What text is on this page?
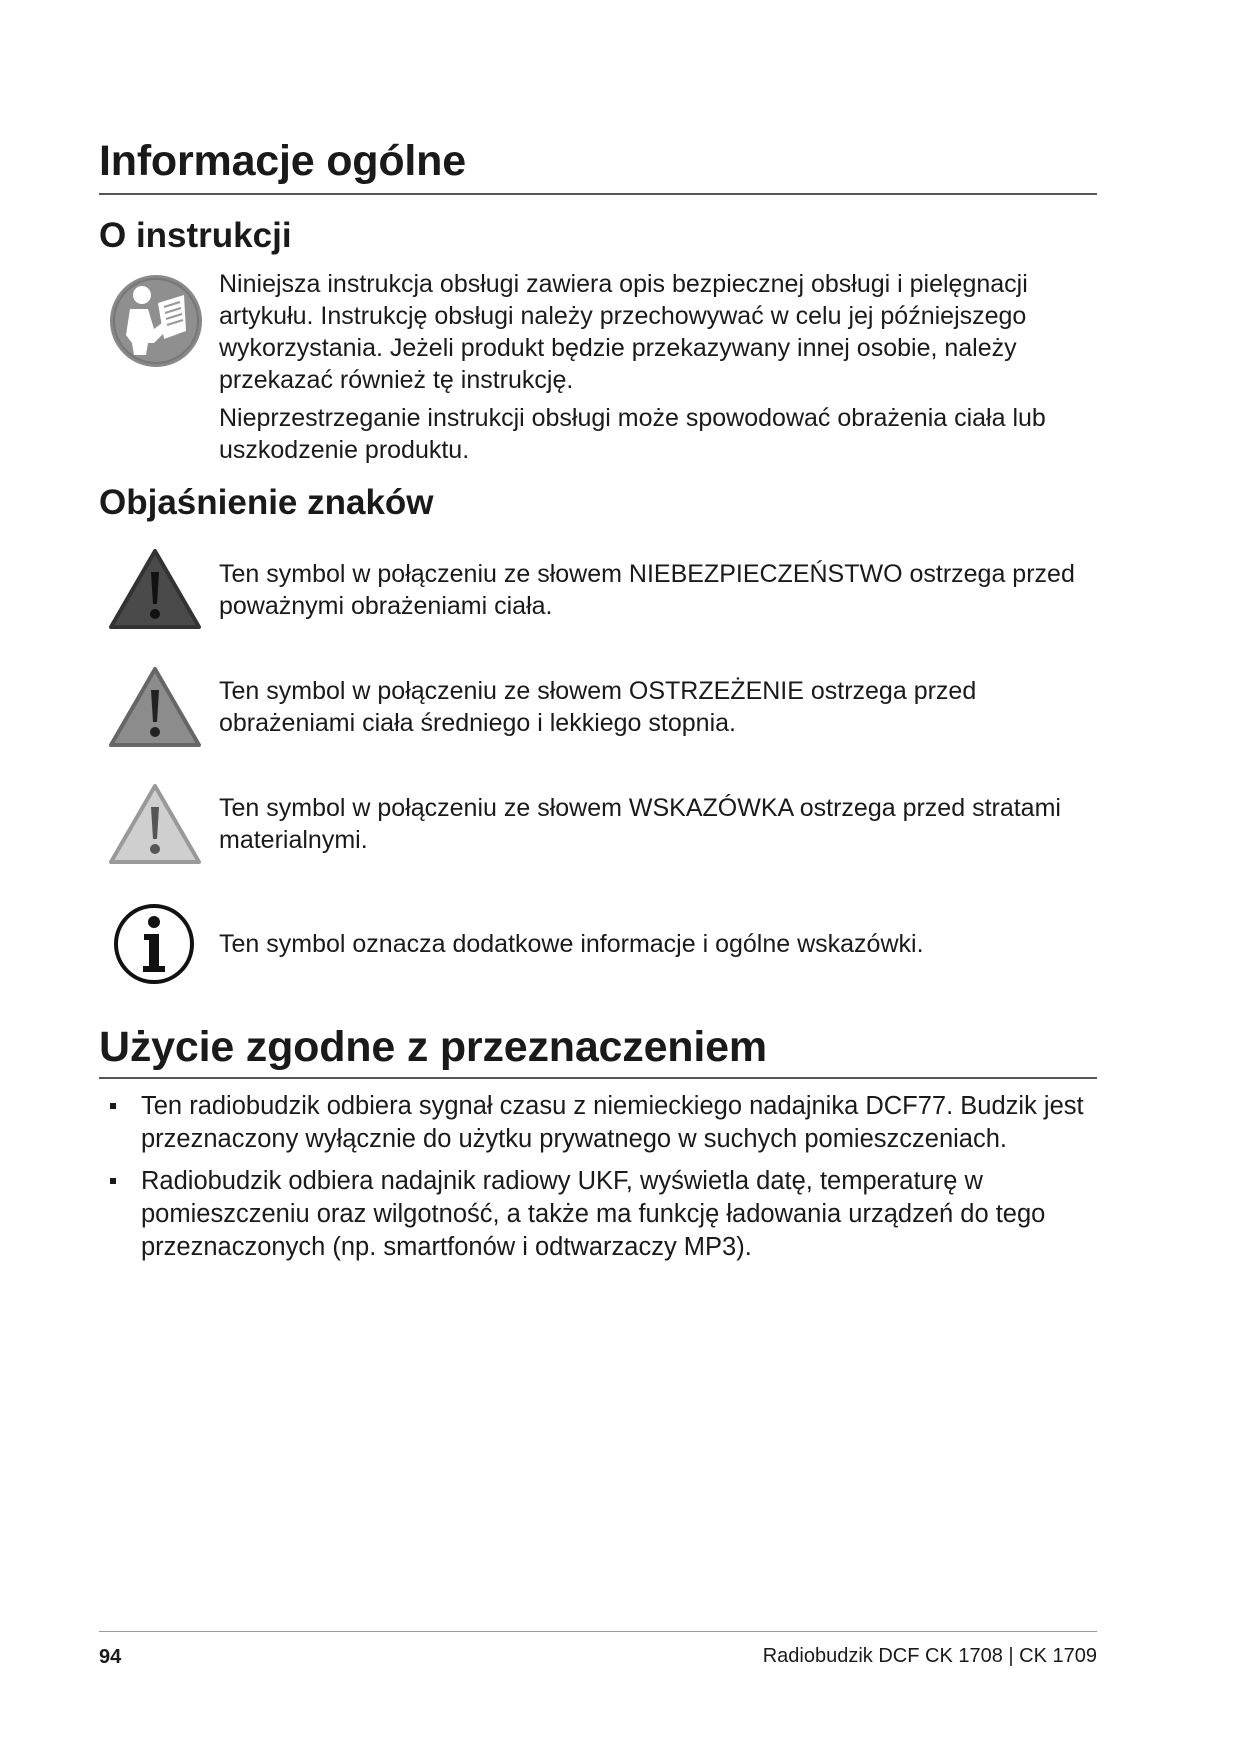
Informacje ogólne
O instrukcji

Niniejsza instrukcja obsługi zawiera opis bezpiecznej obsługi i pielęgnacji artykułu. Instrukcję obsługi należy przechowywać w celu jej późniejszego wykorzystania. Jeżeli produkt będzie przekazywany innej osobie, należy przekazać również tę instrukcję.

Nieprzestrzeganie instrukcji obsługi może spowodować obrażenia ciała lub uszkodzenie produktu.

Objaśnienie znaków

Ten symbol w połączeniu ze słowem NIEBEZPIECZEŃSTWO ostrzega przed poważnymi obrażeniami ciała.

Ten symbol w połączeniu ze słowem OSTRZEŻENIE ostrzega przed obrażeniami ciała średniego i lekkiego stopnia.

Ten symbol w połączeniu ze słowem WSKAZÓWKA ostrzega przed stratami materialnymi.

Ten symbol oznacza dodatkowe informacje i ogólne wskazówki.

Użycie zgodne z przeznaczeniem

Ten radiobudzik odbiera sygnał czasu z niemieckiego nadajnika DCF77. Budzik jest przeznaczony wyłącznie do użytku prywatnego w suchych pomieszczeniach.

Radiobudzik odbiera nadajnik radiowy UKF, wyświetla datę, temperaturę w pomieszczeniu oraz wilgotność, a także ma funkcję ładowania urządzeń do tego przeznaczonych (np. smartfonów i odtwarzaczy MP3).

94	Radiobudzik DCF CK 1708 | CK 1709
